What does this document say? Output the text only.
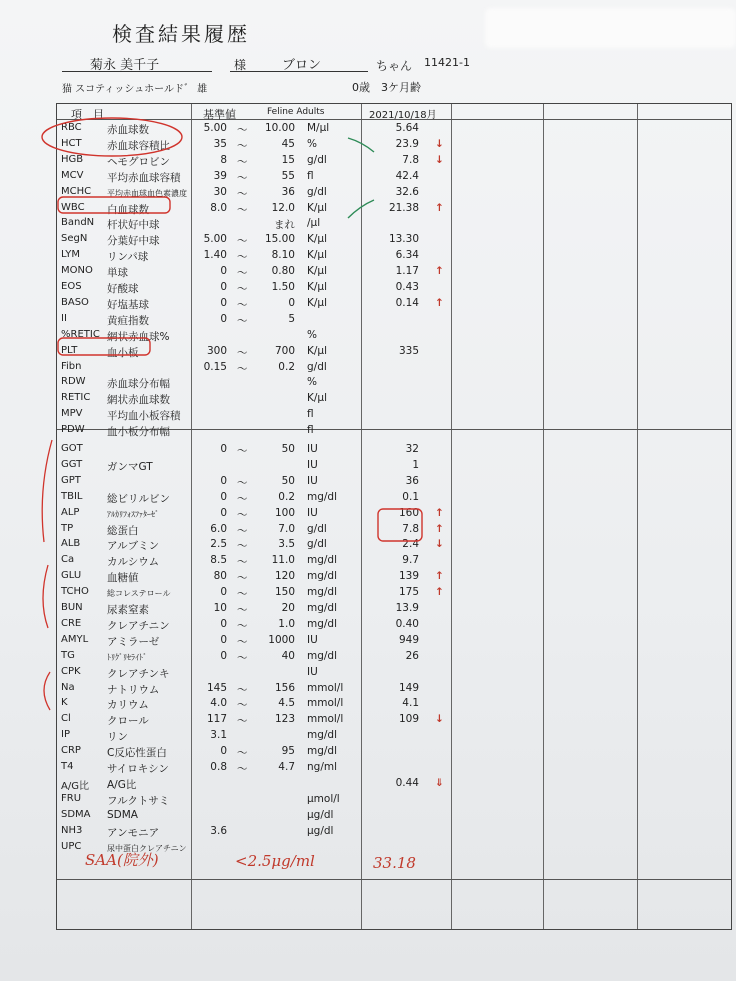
検査結果履歴
菊永 美千子	様	ブロン	ちゃん 11421-1
猫 スコティッシュホールド゛ 雄	0歳　3ケ月齢
項　目	基準値	Feline Adults	2021/10/18月
RBC 赤血球数	5.00 〜 10.00 M/μl	5.64
HCT 赤血球容積比	35 〜	45 %	23.9 ↓
HGB ヘモグロビン	8 〜	15 g/dl	7.8 ↓
MCV 平均赤血球容積	39 〜	55 fl	42.4
MCHC 平均赤血球血色素濃度	30 〜	36 g/dl	32.6
WBC 白血球数	8.0 〜	12.0 K/μl	21.38 ↑
BandN 杆状好中球	まれ /μl
SegN 分葉好中球	5.00 〜 15.00 K/μl	13.30
LYM	リンパ球	1.40 〜	8.10 K/μl	6.34
MONO 単球	0 〜	0.80 K/μl	1.17 ↑
EOS 好酸球	0 〜	1.50 K/μl	0.43
BASO 好塩基球	0 〜	0 K/μl	0.14 ↑
II	黄疸指数	0 〜	5
%RETIC 網状赤血球%	%
PLT	血小板	300 〜	700 K/μl	335
Fibn	0.15 〜	0.2 g/dl
RDW 赤血球分布幅	%
RETIC 網状赤血球数	K/μl
MPV 平均血小板容積	fl
PDW 血小板分布幅	fl
GOT	0 〜	50 IU	32
GGT ガンマGT	IU	1
GPT	0 〜	50 IU	36
TBIL 総ビリルビン	0 〜	0.2 mg/dl	0.1
ALP	ｱﾙｶﾘﾌｫｽﾌｧﾀｰｾﾞ	0 〜	100 IU	160 ↑
TP	総蛋白	6.0 〜	7.0 g/dl	7.8 ↑
ALB	アルブミン	2.5 〜	3.5 g/dl	2.4 ↓
Ca	カルシウム	8.5 〜	11.0 mg/dl	9.7
GLU 血糖値	80 〜	120 mg/dl	139 ↑
TCHO 総コレステロール	0 〜	150 mg/dl	175 ↑
BUN 尿素窒素	10 〜	20 mg/dl	13.9
CRE クレアチニン	0 〜	1.0 mg/dl	0.40
AMYL アミラーゼ	0 〜	1000 IU	949
TG	ﾄﾘｸﾞﾘｾﾗｲﾄﾞ	0 〜	40 mg/dl	26
CPK	クレアチンキ	IU
Na	ナトリウム	145 〜	156 mmol/l	149
K	カリウム	4.0 〜	4.5 mmol/l	4.1
Cl	クロール	117 〜	123 mmol/l	109 ↓
IP	リン	3.1	mg/dl
CRP C反応性蛋白	0 〜	95 mg/dl
T4	サイロキシン	0.8 〜	4.7 ng/ml
A/G比 A/G比	0.44 ⇓
FRU フルクトサミ	μmol/l
SDMA SDMA	μg/dl
NH3 アンモニア	3.6	μg/dl
UPC	尿中蛋白クレアチニン
SAA(院外)	<2.5μg/ml	33.18
